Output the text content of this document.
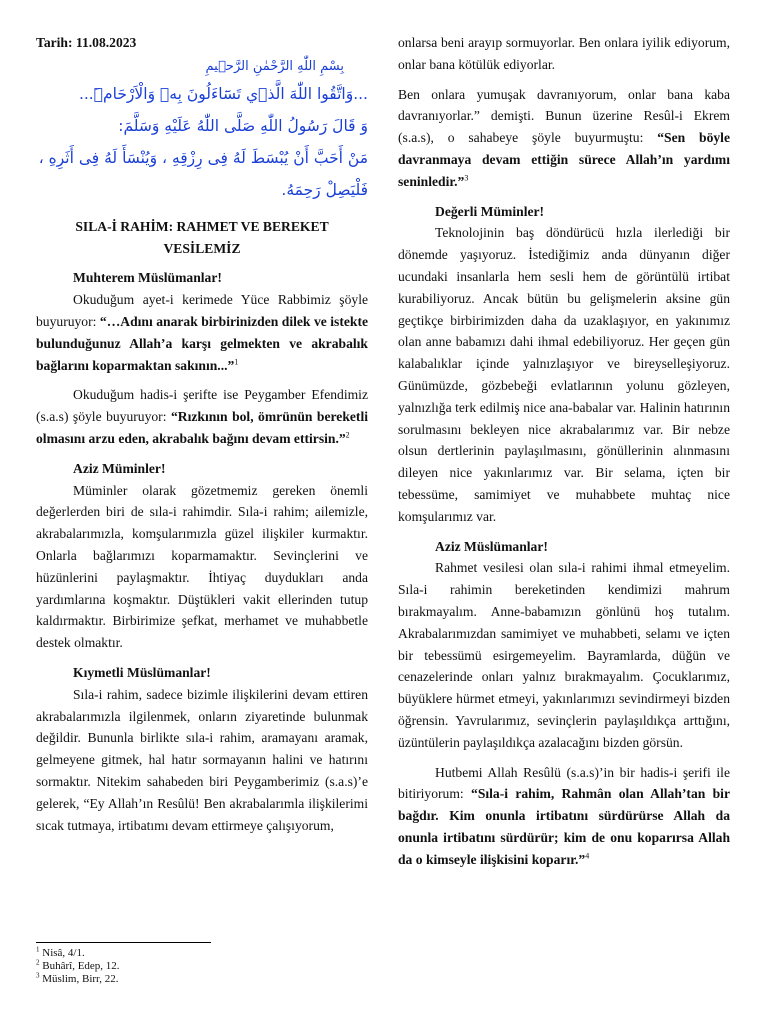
Tarih: 11.08.2023

بِسْمِ اللّٰهِ الرَّحْمٰنِ الرَّح۪يمِ

...وَاتَّقُوا اللّٰهَ الَّذ۪ي تَسَٓاءَلُونَ بِه۪ وَالْاَرْحَامَۜ...

وَ قَالَ رَسُولُ اللّٰهِ صَلَّى اللّٰهُ عَلَيْهِ وَسَلَّمَ:

مَنْ أَحَبَّ أَنْ يُبْسَطَ لَهُ فِى رِزْقِهِ ، وَيُنْسَأَ لَهُ فِى أَثَرِهِ ، فَلْيَصِلْ رَحِمَهُ.

SILA-İ RAHİM: RAHMET VE BEREKET VESİLEMİZ

Muhterem Müslümanlar!

Okuduğum ayet-i kerimede Yüce Rabbimiz şöyle buyuruyor: “…Adını anarak birbirinizden dilek ve istekte bulunduğunuz Allah’a karşı gelmekten ve akrabalık bağlarını koparmaktan sakının...”$^1$

Okuduğum hadis-i şerifte ise Peygamber Efendimiz (s.a.s) şöyle buyuruyor: “Rızkının bol, ömrünün bereketli olmasını arzu eden, akrabalık bağını devam ettirsin.”$^2$

Aziz Müminler!

Müminler olarak gözetmemiz gereken önemli değerlerden biri de sıla-i rahimdir. Sıla-i rahim; ailemizle, akrabalarımızla, komşularımızla güzel ilişkiler kurmaktır. Onlarla bağlarımızı koparmamaktır. Sevinçlerini ve hüzünlerini paylaşmaktır. İhtiyaç duydukları anda yardımlarına koşmaktır. Düştükleri vakit ellerinden tutup kaldırmaktır. Birbirimize şefkat, merhamet ve muhabbetle destek olmaktır.

Kıymetli Müslümanlar!

Sıla-i rahim, sadece bizimle ilişkilerini devam ettiren akrabalarımızla ilgilenmek, onların ziyaretinde bulunmak değildir. Bununla birlikte sıla-i rahim, aramayanı aramak, gelmeyene gitmek, hal hatır sormayanın halini ve hatırını sormaktır. Nitekim sahabeden biri Peygamberimiz (s.a.s)’e gelerek, “Ey Allah’ın Resûlü! Ben akrabalarımla ilişkilerimi sıcak tutmaya, irtibatımı devam ettirmeye çalışıyorum,

onlarsa beni arayıp sormuyorlar. Ben onlara iyilik ediyorum, onlar bana kötülük ediyorlar.

Ben onlara yumuşak davranıyorum, onlar bana kaba davranıyorlar.” demişti. Bunun üzerine Resûl-i Ekrem (s.a.s), o sahabeye şöyle buyurmuştu: “Sen böyle davranmaya devam ettiğin sürece Allah’ın yardımı seninledir.”$^3$

Değerli Müminler!

Teknolojinin baş döndürücü hızla ilerlediği bir dönemde yaşıyoruz. İstediğimiz anda dünyanın diğer ucundaki insanlarla hem sesli hem de görüntülü irtibat kurabiliyoruz. Ancak bütün bu gelişmelerin aksine gün geçtikçe birbirimizden daha da uzaklaşıyor, en yakınımız olan anne babamızı dahi ihmal edebiliyoruz. Her geçen gün kalabalıklar içinde yalnızlaşıyor ve bireyselleşiyoruz. Günümüzde, gözbebeği evlatlarının yolunu gözleyen, yalnızlığa terk edilmiş nice ana-babalar var. Halinin hatırının sorulmasını bekleyen nice akrabalarımız var. Bir nebze olsun dertlerinin paylaşılmasını, gönüllerinin alınmasını dileyen nice yakınlarımız var. Bir selama, içten bir tebessüme, samimiyet ve muhabbete muhtaç nice komşularımız var.

Aziz Müslümanlar!

Rahmet vesilesi olan sıla-i rahimi ihmal etmeyelim. Sıla-i rahimin bereketinden kendimizi mahrum bırakmayalım. Anne-babamızın gönlünü hoş tutalım. Akrabalarımızdan samimiyet ve muhabbeti, selamı ve içten bir tebessümü esirgemeyelim. Bayramlarda, düğün ve cenazelerinde onları yalnız bırakmayalım. Çocuklarımız, büyüklere hürmet etmeyi, yakınlarımızı sevindirmeyi bizden öğrensin. Yavrularımız, sevinçlerin paylaşıldıkça arttığını, üzüntülerin paylaşıldıkça azalacağını bizden görsün.

Hutbemi Allah Resûlü (s.a.s)’in bir hadis-i şerifi ile bitiriyorum: “Sıla-i rahim, Rahmân olan Allah’tan bir bağdır. Kim onunla irtibatını sürdürürse Allah da onunla irtibatını sürdürür; kim de onu koparırsa Allah da o kimseyle ilişkisini koparır.”$^4$

$^1$ Nisâ, 4/1.
$^2$ Buhârî, Edep, 12.
$^3$ Müslim, Birr, 22.
